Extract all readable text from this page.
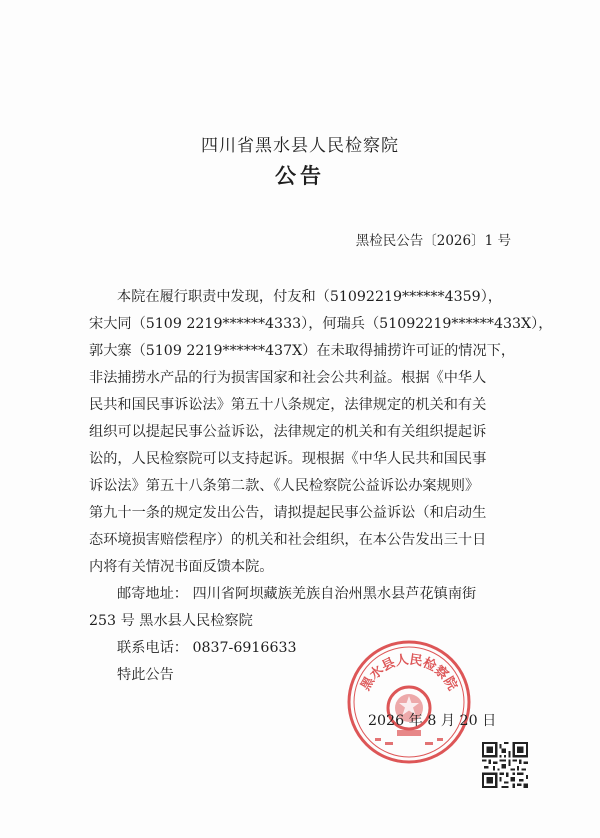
四川省黑水县人民检察院
公告
黑检民公告〔2026〕1 号

本院在履行职责中发现，付友和（51092219******4359），
宋大同（5109 2219******4333），何瑞兵（51092219******433X），
郭大寨（5109 2219******437X）在未取得捕捞许可证的情况下，
非法捕捞水产品的行为损害国家和社会公共利益。根据《中华人
民共和国民事诉讼法》第五十八条规定，法律规定的机关和有关
组织可以提起民事公益诉讼，法律规定的机关和有关组织提起诉
讼的，人民检察院可以支持起诉。现根据《中华人民共和国民事
诉讼法》第五十八条第二款、《人民检察院公益诉讼办案规则》
第九十一条的规定发出公告，请拟提起民事公益诉讼（和启动生
态环境损害赔偿程序）的机关和社会组织，在本公告发出三十日
内将有关情况书面反馈本院。

邮寄地址： 四川省阿坝藏族羌族自治州黑水县芦花镇南街
253 号 黑水县人民检察院

联系电话： 0837-6916633

特此公告	黑水县人民检察院
2026 年 8 月 20 日
